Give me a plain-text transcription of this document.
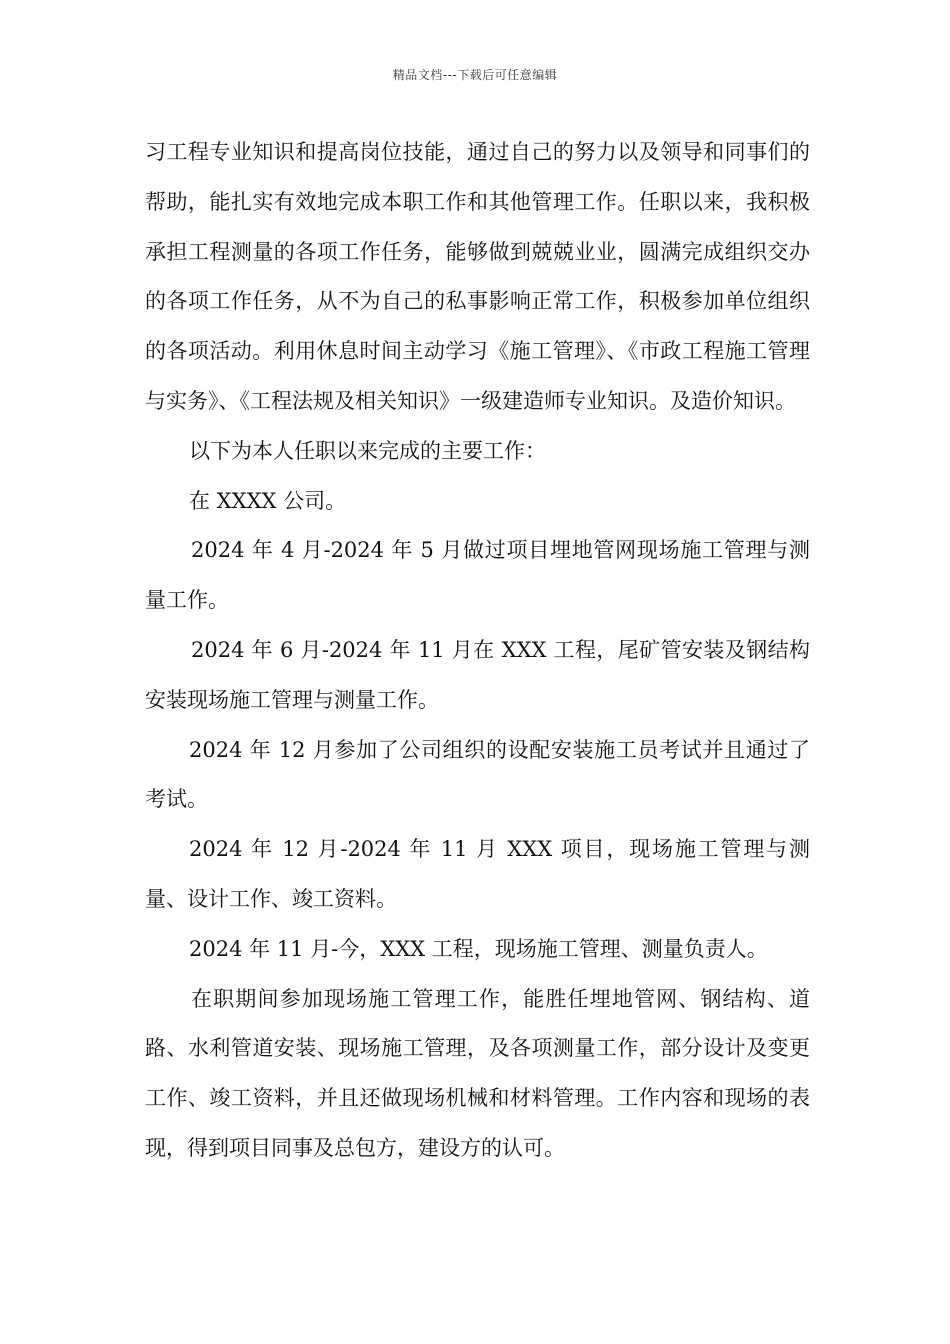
精品文档---下载后可任意编辑

习工程专业知识和提高岗位技能，通过自己的努力以及领导和同事们的帮助，能扎实有效地完成本职工作和其他管理工作。任职以来，我积极承担工程测量的各项工作任务，能够做到兢兢业业，圆满完成组织交办的各项工作任务，从不为自己的私事影响正常工作，积极参加单位组织的各项活动。利用休息时间主动学习《施工管理》、《市政工程施工管理与实务》、《工程法规及相关知识》一级建造师专业知识。及造价知识。

以下为本人任职以来完成的主要工作：

在 XXXX 公司。

2024 年 4 月-2024 年 5 月做过项目埋地管网现场施工管理与测量工作。

2024 年 6 月-2024 年 11 月在 XXX 工程，尾矿管安装及钢结构安装现场施工管理与测量工作。

2024 年 12 月参加了公司组织的设配安装施工员考试并且通过了考试。

2024 年 12 月-2024 年 11 月 XXX 项目，现场施工管理与测量、设计工作、竣工资料。

2024 年 11 月-今，XXX 工程，现场施工管理、测量负责人。

在职期间参加现场施工管理工作，能胜任埋地管网、钢结构、道路、水利管道安装、现场施工管理，及各项测量工作，部分设计及变更工作、竣工资料，并且还做现场机械和材料管理。工作内容和现场的表现，得到项目同事及总包方，建设方的认可。
